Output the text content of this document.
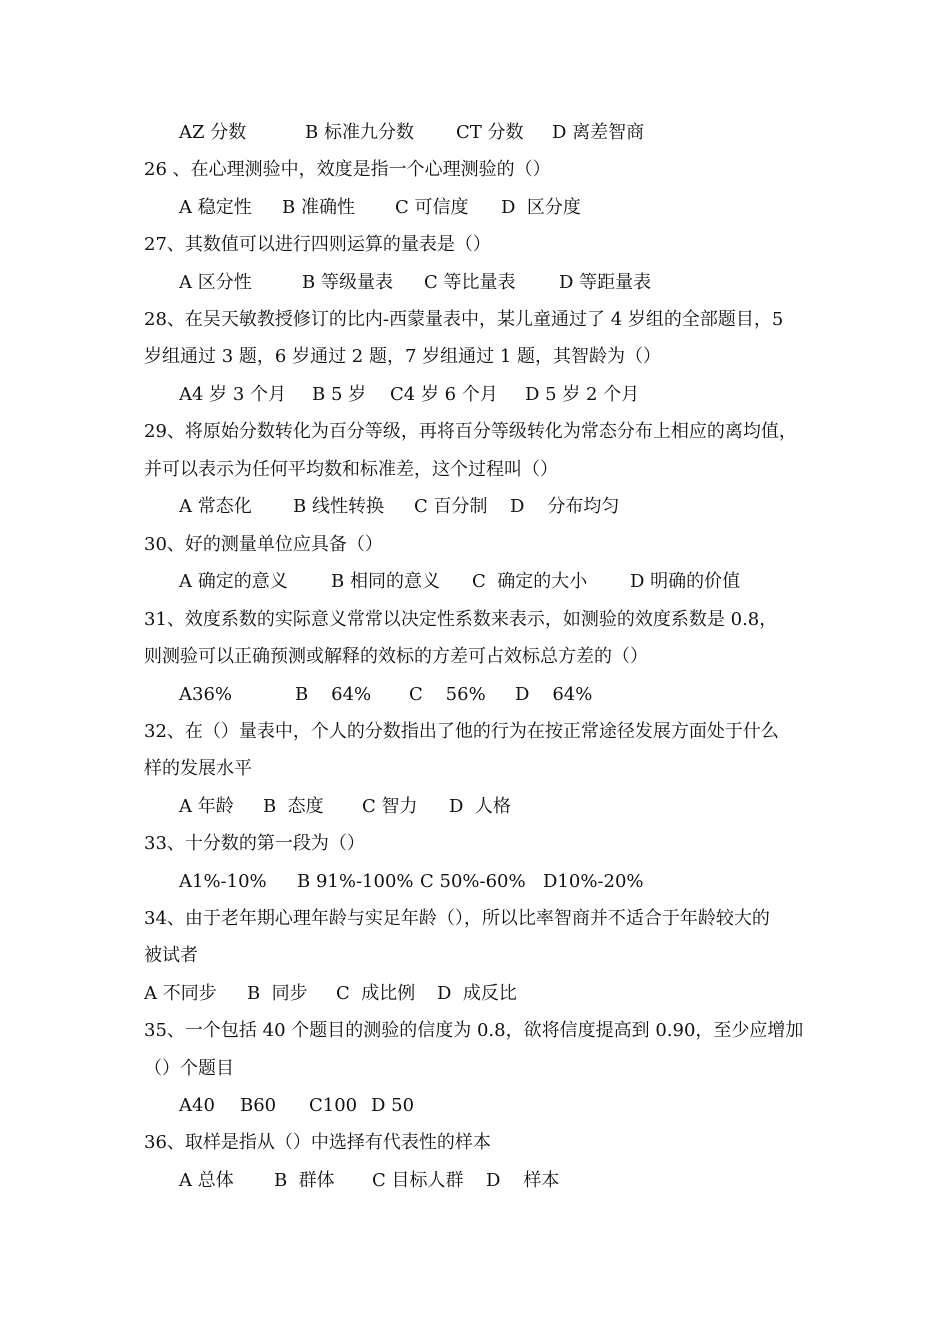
AZ 分数

	B 标准九分数

CT 分数

D 离差智商

26 、在心理测验中，效度是指一个心理测验的（）

A 稳定性

B 准确性

C 可信度

D  区分度

27、其数值可以进行四则运算的量表是（）

A 区分性

	B 等级量表

C 等比量表

D 等距量表

28、在吴天敏教授修订的比内-西蒙量表中，某儿童通过了 4 岁组的全部题目，5
岁组通过 3 题，6 岁通过 2 题，7 岁组通过 1 题，其智龄为（）

A4 岁 3 个月

B 5 岁

C4 岁 6 个月

D 5 岁 2 个月

29、将原始分数转化为百分等级，再将百分等级转化为常态分布上相应的离均值，
并可以表示为任何平均数和标准差，这个过程叫（）

A 常态化

B 线性转换

C 百分制

D    分布均匀

30、好的测量单位应具备（）

A 确定的意义

B 相同的意义

C  确定的大小

D 明确的价值

31、效度系数的实际意义常常以决定性系数来表示，如测验的效度系数是 0.8，
则测验可以正确预测或解释的效标的方差可占效标总方差的（）

A36%

	B    64%

C    56%

D    64%

32、在（）量表中，个人的分数指出了他的行为在按正常途径发展方面处于什么
样的发展水平

A 年龄

B  态度

C 智力

D  人格

33、十分数的第一段为（）

A1%-10%

B 91%-100%

C 50%-60%

D10%-20%

34、由于老年期心理年龄与实足年龄（），所以比率智商并不适合于年龄较大的
被试者

A 不同步

B  同步

C  成比例

D  成反比

35、一个包括 40 个题目的测验的信度为 0.8，欲将信度提高到 0.90，至少应增加
（）个题目

A40

B60

C100

D 50

36、取样是指从（）中选择有代表性的样本

A 总体

B  群体

C 目标人群

D    样本
